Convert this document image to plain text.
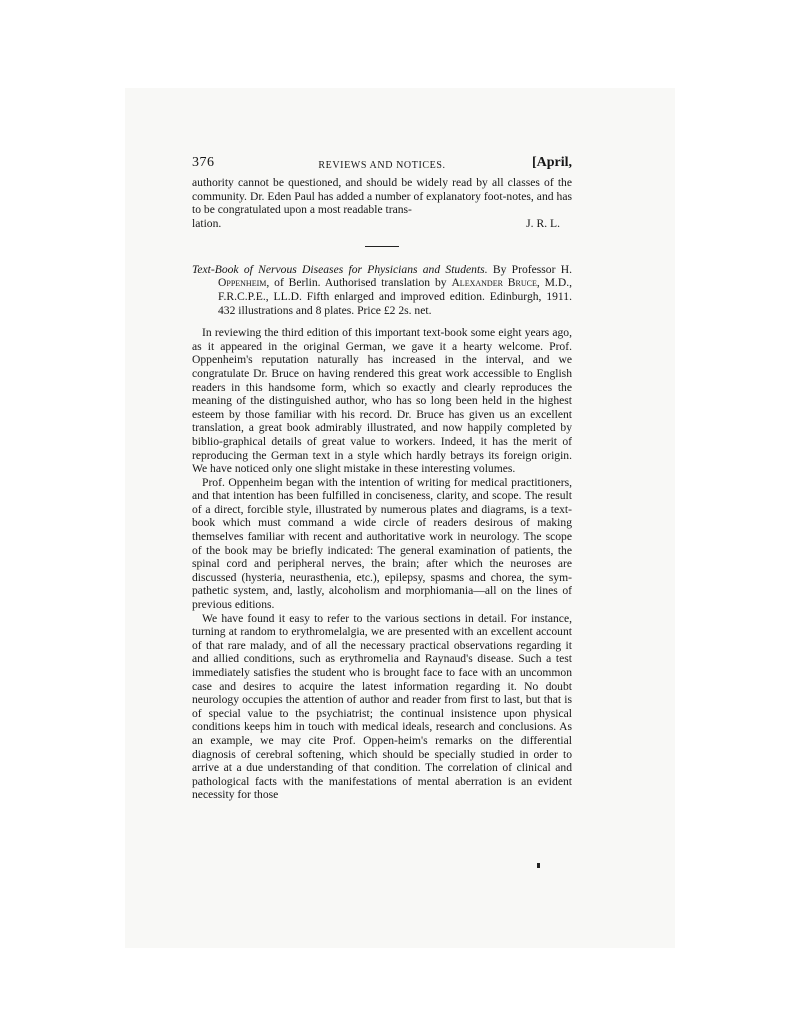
376	REVIEWS AND NOTICES.	[April,

authority cannot be questioned, and should be widely read by all classes of the community. Dr. Eden Paul has added a number of explanatory foot-notes, and has to be congratulated upon a most readable trans-

lation.	J. R. L.

Text-Book of Nervous Diseases for Physicians and Students. By Professor H. Oppenheim, of Berlin. Authorised translation by Alexander Bruce, M.D., F.R.C.P.E., LL.D. Fifth enlarged and improved edition. Edinburgh, 1911. 432 illustrations and 8 plates. Price £2 2s. net.

In reviewing the third edition of this important text-book some eight years ago, as it appeared in the original German, we gave it a hearty welcome. Prof. Oppenheim's reputation naturally has increased in the interval, and we congratulate Dr. Bruce on having rendered this great work accessible to English readers in this handsome form, which so exactly and clearly reproduces the meaning of the distinguished author, who has so long been held in the highest esteem by those familiar with his record. Dr. Bruce has given us an excellent translation, a great book admirably illustrated, and now happily completed by biblio-graphical details of great value to workers. Indeed, it has the merit of reproducing the German text in a style which hardly betrays its foreign origin. We have noticed only one slight mistake in these interesting volumes.

Prof. Oppenheim began with the intention of writing for medical practitioners, and that intention has been fulfilled in conciseness, clarity, and scope. The result of a direct, forcible style, illustrated by numerous plates and diagrams, is a text-book which must command a wide circle of readers desirous of making themselves familiar with recent and authoritative work in neurology. The scope of the book may be briefly indicated: The general examination of patients, the spinal cord and peripheral nerves, the brain; after which the neuroses are discussed (hysteria, neurasthenia, etc.), epilepsy, spasms and chorea, the sym-pathetic system, and, lastly, alcoholism and morphiomania—all on the lines of previous editions.

We have found it easy to refer to the various sections in detail. For instance, turning at random to erythromelalgia, we are presented with an excellent account of that rare malady, and of all the necessary practical observations regarding it and allied conditions, such as erythromelia and Raynaud's disease. Such a test immediately satisfies the student who is brought face to face with an uncommon case and desires to acquire the latest information regarding it. No doubt neurology occupies the attention of author and reader from first to last, but that is of special value to the psychiatrist; the continual insistence upon physical conditions keeps him in touch with medical ideals, research and conclusions. As an example, we may cite Prof. Oppen-heim's remarks on the differential diagnosis of cerebral softening, which should be specially studied in order to arrive at a due understanding of that condition. The correlation of clinical and pathological facts with the manifestations of mental aberration is an evident necessity for those
